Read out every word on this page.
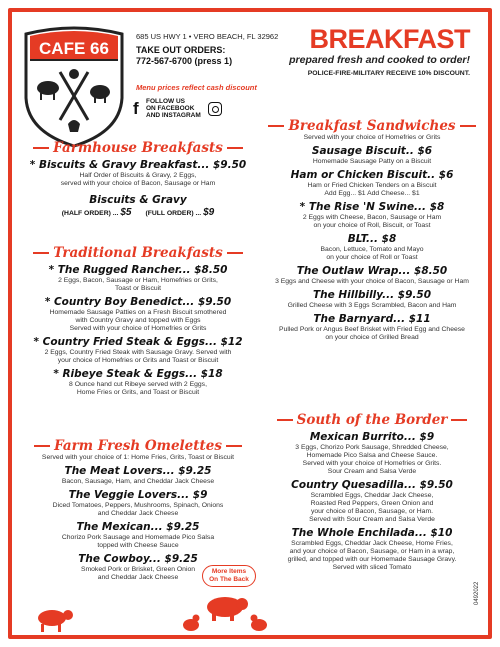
CAFE 66
685 US HWY 1 • VERO BEACH, FL 32962
TAKE OUT ORDERS:
772-567-6700 (press 1)
Menu prices reflect cash discount
f	FOLLOW US
ON FACEBOOK
AND INSTAGRAM
BREAKFAST
prepared fresh and cooked to order!
POLICE-FIRE-MILITARY RECEIVE 10% DISCOUNT.
Farmhouse Breakfasts
* Biscuits & Gravy Breakfast... $9.50
Half Order of Biscuits & Gravy, 2 Eggs,
served with your choice of Bacon, Sausage or Ham
Biscuits & Gravy
(HALF ORDER) ... $5 (FULL ORDER) ... $9
Traditional Breakfasts
* The Rugged Rancher... $8.50
2 Eggs, Bacon, Sausage or Ham, Homefries or Grits,
Toast or Biscuit
* Country Boy Benedict... $9.50
Homemade Sausage Patties on a Fresh Biscuit smothered
with Country Gravy and topped with Eggs
Served with your choice of Homefries or Grits
* Country Fried Steak & Eggs... $12
2 Eggs, Country Fried Steak with Sausage Gravy. Served with
your choice of Homefries or Grits and Toast or Biscuit
* Ribeye Steak & Eggs... $18
8 Ounce hand cut Ribeye served with 2 Eggs,
Home Fries or Grits, and Toast or Biscuit
Farm Fresh Omelettes
Served with your choice of 1: Home Fries, Grits, Toast or Biscuit
The Meat Lovers... $9.25
Bacon, Sausage, Ham, and Cheddar Jack Cheese
The Veggie Lovers... $9
Diced Tomatoes, Peppers, Mushrooms, Spinach, Onions
and Cheddar Jack Cheese
The Mexican... $9.25
Chorizo Pork Sausage and Homemade Pico Salsa
topped with Cheese Sauce
The Cowboy... $9.25
Smoked Pork or Brisket, Green Onion
and Cheddar Jack Cheese
More Items
On The Back
Breakfast Sandwiches
Served with your choice of Homefries or Grits
Sausage Biscuit.. $6
Homemade Sausage Patty on a Biscuit
Ham or Chicken Biscuit.. $6
Ham or Fried Chicken Tenders on a Biscuit
Add Egg... $1 Add Cheese... $1
* The Rise 'N Swine... $8
2 Eggs with Cheese, Bacon, Sausage or Ham
on your choice of Roll, Biscuit, or Toast
BLT... $8
Bacon, Lettuce, Tomato and Mayo
on your choice of Roll or Toast
The Outlaw Wrap... $8.50
3 Eggs and Cheese with your choice of Bacon, Sausage or Ham
The Hillbilly... $9.50
Grilled Cheese with 3 Eggs Scrambled, Bacon and Ham
The Barnyard... $11
Pulled Pork or Angus Beef Brisket with Fried Egg and Cheese
on your choice of Grilled Bread
South of the Border
Mexican Burrito... $9
3 Eggs, Chorizo Pork Sausage, Shredded Cheese,
Homemade Pico Salsa and Cheese Sauce.
Served with your choice of Homefries or Grits.
Sour Cream and Salsa Verde
Country Quesadilla... $9.50
Scrambled Eggs, Cheddar Jack Cheese,
Roasted Red Peppers, Green Onion and
your choice of Bacon, Sausage, or Ham.
Served with Sour Cream and Salsa Verde
The Whole Enchilada... $10
Scrambled Eggs, Cheddar Jack Cheese, Home Fries,
and your choice of Bacon, Sausage, or Ham in a wrap,
grilled, and topped with our Homemade Sausage Gravy.
Served with sliced Tomato
0492022
